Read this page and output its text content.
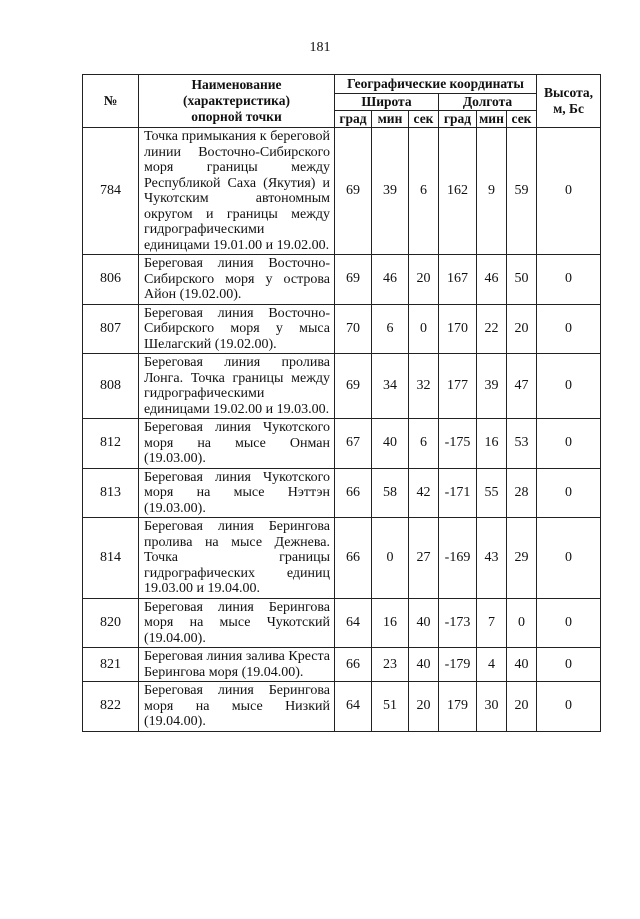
181
№	Наименование
(характеристика)
опорной точки	Географические координаты						Высота,
м, Бс
		Широта			Долгота			
		град	мин	сек	град	мин	сек	
784	Точка примыкания к береговой линии Восточно-Сибирского моря границы между Республикой Саха (Якутия) и Чукотским автономным округом и границы между гидрографическими единицами 19.01.00 и 19.02.00.	69	39	6	162	9	59	0
806	Береговая линия Восточно-Сибирского моря у острова Айон (19.02.00).	69	46	20	167	46	50	0
807	Береговая линия Восточно-Сибирского моря у мыса Шелагский (19.02.00).	70	6	0	170	22	20	0
808	Береговая линия пролива Лонга. Точка границы между гидрографическими единицами 19.02.00 и 19.03.00.	69	34	32	177	39	47	0
812	Береговая линия Чукотского моря на мысе Онман (19.03.00).	67	40	6	-175	16	53	0
813	Береговая линия Чукотского моря на мысе Нэттэн (19.03.00).	66	58	42	-171	55	28	0
814	Береговая линия Берингова пролива на мысе Дежнева. Точка границы гидрографических единиц 19.03.00 и 19.04.00.	66	0	27	-169	43	29	0
820	Береговая линия Берингова моря на мысе Чукотский (19.04.00).	64	16	40	-173	7	0	0
821	Береговая линия залива Креста Берингова моря (19.04.00).	66	23	40	-179	4	40	0
822	Береговая линия Берингова моря на мысе Низкий (19.04.00).	64	51	20	179	30	20	0
